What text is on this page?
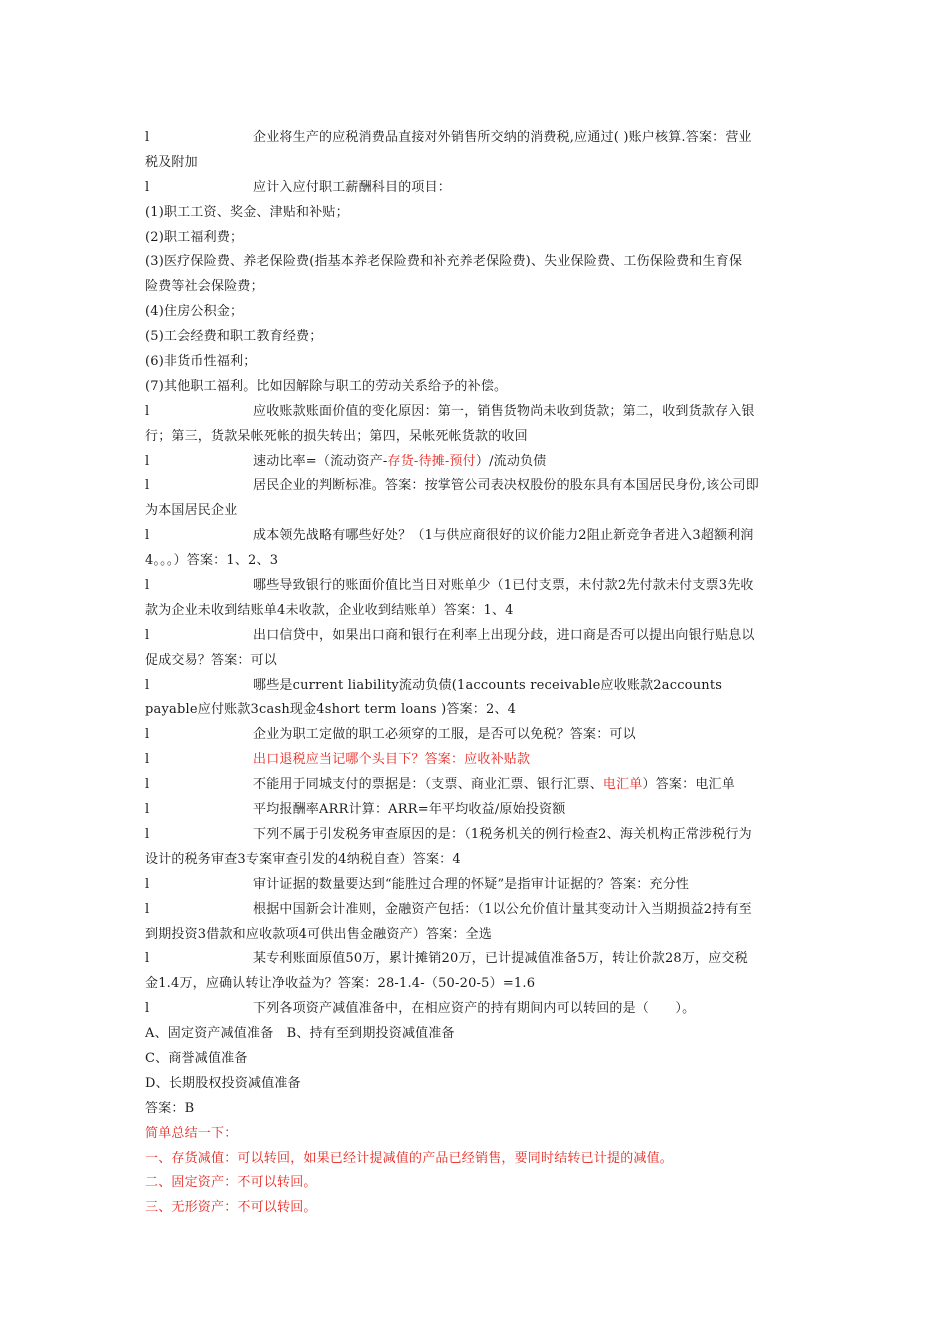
l	企业将生产的应税消费品直接对外销售所交纳的消费税,应通过( )账户核算.答案：营业
税及附加
l	应计入应付职工薪酬科目的项目：
(1)职工工资、奖金、津贴和补贴；
(2)职工福利费；
(3)医疗保险费、养老保险费(指基本养老保险费和补充养老保险费)、失业保险费、工伤保险费和生育保
险费等社会保险费；
(4)住房公积金；
(5)工会经费和职工教育经费；
(6)非货币性福利；
(7)其他职工福利。比如因解除与职工的劳动关系给予的补偿。
l	应收账款账面价值的变化原因：第一，销售货物尚未收到货款；第二，收到货款存入银
行；第三，货款呆帐死帐的损失转出；第四，呆帐死帐货款的收回
l	速动比率=（流动资产-存货-待摊-预付）/流动负债
l	居民企业的判断标准。答案：按掌管公司表决权股份的股东具有本国居民身份,该公司即
为本国居民企业
l	成本领先战略有哪些好处？（1与供应商很好的议价能力2阻止新竞争者进入3超额利润
4。。。）答案：1、2、3
l	哪些导致银行的账面价值比当日对账单少（1已付支票，未付款2先付款未付支票3先收
款为企业未收到结账单4未收款，企业收到结账单）答案：1、4
l	出口信贷中，如果出口商和银行在利率上出现分歧，进口商是否可以提出向银行贴息以
促成交易？答案：可以
l	哪些是current liability流动负债(1accounts receivable应收账款2accounts
payable应付账款3cash现金4short term loans )答案：2、4
l	企业为职工定做的职工必须穿的工服，是否可以免税？答案：可以
l	出口退税应当记哪个头目下？答案：应收补贴款
l	不能用于同城支付的票据是：（支票、商业汇票、银行汇票、电汇单）答案：电汇单
l	平均报酬率ARR计算：ARR=年平均收益/原始投资额
l	下列不属于引发税务审查原因的是：（1税务机关的例行检查2、海关机构正常涉税行为
设计的税务审查3专案审查引发的4纳税自查）答案：4
l	审计证据的数量要达到“能胜过合理的怀疑”是指审计证据的？答案：充分性
l	根据中国新会计准则，金融资产包括：（1以公允价值计量其变动计入当期损益2持有至
到期投资3借款和应收款项4可供出售金融资产）答案：全选
l	某专利账面原值50万，累计摊销20万，已计提减值准备5万，转让价款28万，应交税
金1.4万，应确认转让净收益为？答案：28-1.4-（50-20-5）=1.6
l	下列各项资产减值准备中，在相应资产的持有期间内可以转回的是（　　）。
A、固定资产减值准备　B、持有至到期投资减值准备
C、商誉减值准备
D、长期股权投资减值准备
答案：B
简单总结一下：
一、存货减值：可以转回，如果已经计提减值的产品已经销售，要同时结转已计提的减值。
二、固定资产：不可以转回。
三、无形资产：不可以转回。
